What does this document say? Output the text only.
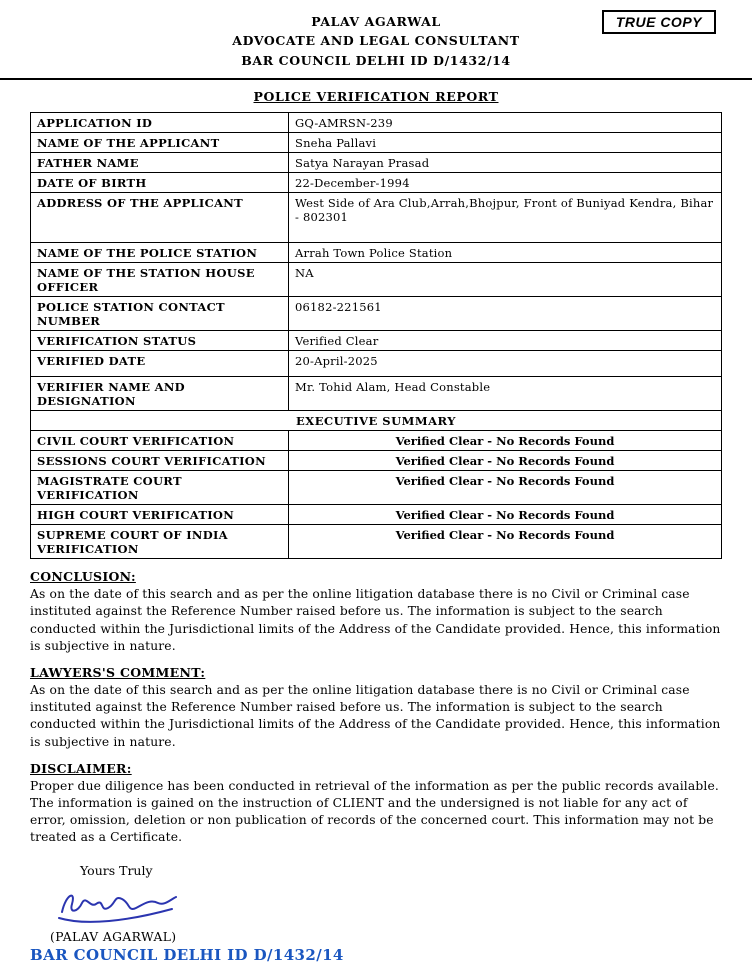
PALAV AGARWAL
ADVOCATE AND LEGAL CONSULTANT
BAR COUNCIL DELHI ID D/1432/14
TRUE COPY
POLICE VERIFICATION REPORT
APPLICATION ID	GQ-AMRSN-239
NAME OF THE APPLICANT	Sneha Pallavi
FATHER NAME	Satya Narayan Prasad
DATE OF BIRTH	22-December-1994
ADDRESS OF THE APPLICANT	West Side of Ara Club,Arrah,Bhojpur, Front of Buniyad Kendra, Bihar - 802301
NAME OF THE POLICE STATION	Arrah Town Police Station
NAME OF THE STATION HOUSE OFFICER	NA
POLICE STATION CONTACT NUMBER	06182-221561
VERIFICATION STATUS	Verified Clear
VERIFIED DATE	20-April-2025
VERIFIER NAME AND DESIGNATION	Mr. Tohid Alam, Head Constable
EXECUTIVE SUMMARY	
CIVIL COURT VERIFICATION	Verified Clear - No Records Found
SESSIONS COURT VERIFICATION	Verified Clear - No Records Found
MAGISTRATE COURT VERIFICATION	Verified Clear - No Records Found
HIGH COURT VERIFICATION	Verified Clear - No Records Found
SUPREME COURT OF INDIA VERIFICATION	Verified Clear - No Records Found
CONCLUSION:

As on the date of this search and as per the online litigation database there is no Civil or Criminal case instituted against the Reference Number raised before us. The information is subject to the search conducted within the Jurisdictional limits of the Address of the Candidate provided. Hence, this information is subjective in nature.

LAWYERS'S COMMENT:

As on the date of this search and as per the online litigation database there is no Civil or Criminal case instituted against the Reference Number raised before us. The information is subject to the search conducted within the Jurisdictional limits of the Address of the Candidate provided. Hence, this information is subjective in nature.

DISCLAIMER:

Proper due diligence has been conducted in retrieval of the information as per the public records available. The information is gained on the instruction of CLIENT and the undersigned is not liable for any act of error, omission, deletion or non publication of records of the concerned court. This information may not be treated as a Certificate.

Yours Truly
(PALAV AGARWAL)
BAR COUNCIL DELHI ID D/1432/14
